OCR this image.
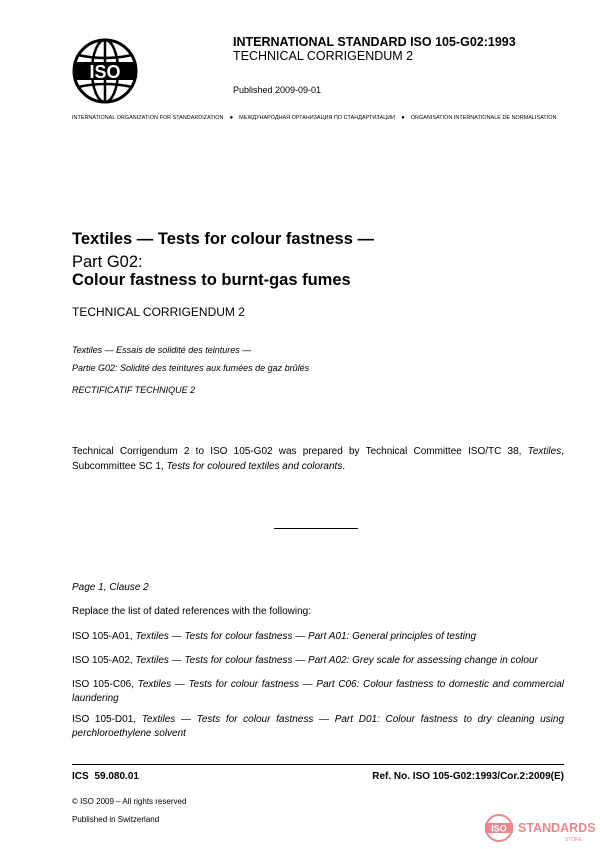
ISO
INTERNATIONAL STANDARD ISO 105-G02:1993
TECHNICAL CORRIGENDUM 2
Published 2009-09-01
INTERNATIONAL ORGANIZATION FOR STANDARDIZATION ● МЕЖДУНАРОДНАЯ ОРГАНИЗАЦИЯ ПО СТАНДАРТИЗАЦИИ ● ORGANISATION INTERNATIONALE DE NORMALISATION
Textiles — Tests for colour fastness —
Part G02:
Colour fastness to burnt-gas fumes
TECHNICAL CORRIGENDUM 2
Textiles — Essais de solidité des teintures —
Partie G02: Solidité des teintures aux fumées de gaz brûlés
RECTIFICATIF TECHNIQUE 2
Technical Corrigendum 2 to ISO 105-G02 was prepared by Technical Committee ISO/TC 38, Textiles, Subcommittee SC 1, Tests for coloured textiles and colorants.
Page 1, Clause 2
Replace the list of dated references with the following:
ISO 105-A01, Textiles — Tests for colour fastness — Part A01: General principles of testing
ISO 105-A02, Textiles — Tests for colour fastness — Part A02: Grey scale for assessing change in colour
ISO 105-C06, Textiles — Tests for colour fastness — Part C06: Colour fastness to domestic and commercial laundering
ISO 105-D01, Textiles — Tests for colour fastness — Part D01: Colour fastness to dry cleaning using perchloroethylene solvent
ICS 59.080.01	Ref. No. ISO 105-G02:1993/Cor.2:2009(E)
© ISO 2009 – All rights reserved
Published in Switzerland
ISO STANDARDS
STORE
